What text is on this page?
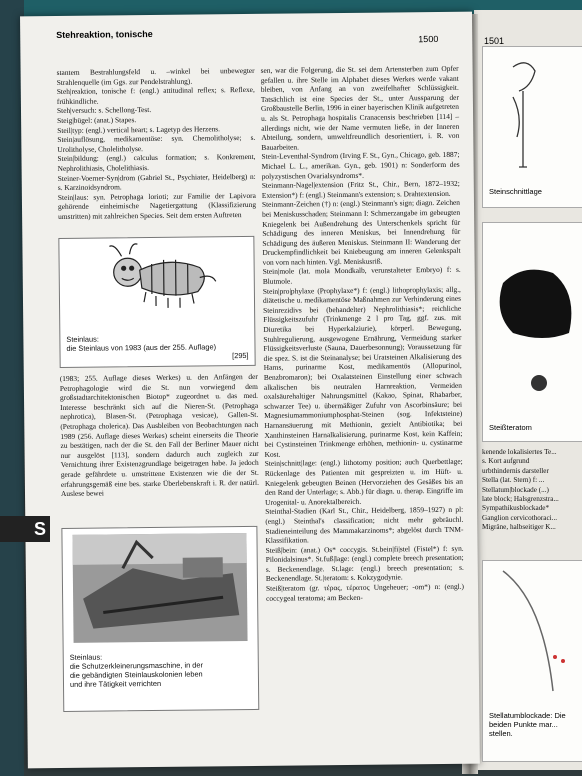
Stehreaktion, tonische	1500

stantem Bestrahlungsfeld u. –winkel bei unbewegter Strahlenquelle (im Ggs. zur Pendelstrahlung).

Steh|reaktion, tonische f: (engl.) attitudinal reflex; s. Reflexe, frühkindliche.

Steh|versuch: s. Schellong-Test.

Steig|bügel: (anat.) Stapes.

Steil|typ: (engl.) vertical heart; s. Lagetyp des Herzens.

Stein|auflösung, medikamentöse: syn. Chemolitholyse; s. Urolitholyse, Cholelitholyse.

Stein|bildung: (engl.) calculus formation; s. Konkrement, Nephrolithiasis, Cholelithiasis.

Steiner-Voerner-Syn|drom (Gabriel St., Psychiater, Heidelberg) n: s. Karzinoidsyndrom.

Stein|laus: syn. Petrophaga lorioti; zur Familie der Lapivora gehörende einheimische Nagetiergattung (Klassifizierung umstritten) mit zahlreichen Species. Seit dem ersten Auftreten

Steinlaus:
die Steinlaus von 1983 (aus der 255. Auflage)
[295]

(1983; 255. Auflage dieses Werkes) u. den Anfängen der Petrophagologie wird die St. nun vorwiegend dem großstadtarchitektonischen Biotop* zugeordnet u. das med. Interesse beschränkt sich auf die Nieren-St. (Petrophaga nephrotica), Blasen-St. (Petrophaga vesicae), Gallen-St. (Petrophaga cholerica). Das Ausbleiben von Beobachtungen nach 1989 (256. Auflage dieses Werkes) scheint einerseits die Theorie zu bestätigen, nach der die St. den Fall der Berliner Mauer nicht nur ausgelöst [113], sondern dadurch auch zugleich zur Vernichtung ihrer Existenzgrundlage beigetragen habe. Ja jedoch gerade gefährdete u. umstrittene Existenzen wie die der St. erfahrungsgemäß eine bes. starke Überlebenskraft i. R. der natürl. Auslese bewei

Steinlaus:
die Schutzerkleinerungsmaschine, in der
die gebändigten Steinlauskolonien leben
und ihre Tätigkeit verrichten

sen, war die Folgerung, die St. sei dem Artensterben zum Opfer gefallen u. ihre Stelle im Alphabet dieses Werkes werde vakant bleiben, von Anfang an von zweifelhafter Schlüssigkeit. Tatsächlich ist eine Species der St., unter Aussparung der Großbaustelle Berlin, 1996 in einer bayerischen Klinik aufgetreten u. als St. Petrophaga hospitalis Cranacensis beschrieben [114] – allerdings nicht, wie der Name vermuten ließe, in der Inneren Abteilung, sondern, umweltfreundlich desorientiert, i. R. von Bauarbeiten.

Stein-Leventhal-Syndrom (Irving F. St., Gyn., Chicago, geb. 1887; Michael L. L., amerikan. Gyn., geb. 1901) n: Sonderform des polyzystischen Ovarialsyndroms*.

Steinmann-Nagel|extension (Fritz St., Chir., Bern, 1872–1932; Extension*) f: (engl.) Steinmann's extension; s. Drahtextension.

Steinmann-Zeichen (†) n: (engl.) Steinmann's sign; diagn. Zeichen bei Meniskusschaden; Steinmann I: Schmerzangabe im gebeugten Kniegelenk bei Außendrehung des Unterschenkels spricht für Schädigung des inneren Meniskus, bei Innendrehung für Schädigung des äußeren Meniskus. Steinmann II: Wanderung der Druckempfindlichkeit bei Kniebeugung am inneren Gelenkspalt von vorn nach hinten. Vgl. Meniskusriß.

Stein|mole (lat. mola Mondkalb, verunstalteter Embryo) f: s. Blutmole.

Stein|pro|phylaxe (Prophylaxe*) f: (engl.) lithoprophylaxis; allg., diätetische u. medikamentöse Maßnahmen zur Verhinderung eines Steinrezidivs bei (behandelter) Nephrolithiasis*; reichliche Flüssigkeitszufuhr (Trinkmenge 2 l pro Tag, ggf. zus. mit Diuretika bei Hyperkalziurie), körperl. Bewegung, Stuhlregulierung, ausgewogene Ernährung, Vermeidung starker Flüssigkeitsverluste (Sauna, Dauerbesonnung); Voraussetzung für die spez. S. ist die Steinanalyse; bei Uratsteinen Alkalisierung des Harns, purinarme Kost, medikamentös (Allopurinol, Benzbromaron); bei Oxalatsteinen Einstellung einer schwach alkalischen bis neutralen Harnreaktion, Vermeiden oxalsäurehaltiger Nahrungsmittel (Kakao, Spinat, Rhabarber, schwarzer Tee) u. übermäßiger Zufuhr von Ascorbinsäure; bei Magnesiumammoniumphosphat-Steinen (sog. Infektsteine) Harnansäuerung mit Methionin, gezielt Antibiotika; bei Xanthinsteinen Harnalkalisierung, purinarme Kost, kein Kaffein; bei Cystinsteinen Trinkmenge erhöhen, methionin- u. cystinarme Kost.

Stein|schnitt|lage: (engl.) lithotomy position; auch Querbettlage; Rückenlage des Patienten mit gespreizten u. im Hüft- u. Kniegelenk gebeugten Beinen (Hervorziehen des Gesäßes bis an den Rand der Unterlage; s. Abb.) für diagn. u. therap. Eingriffe im Urogenital- u. Anorektalbereich.

Steinthal-Stadien (Karl St., Chir., Heidelberg, 1859–1927) n pl: (engl.) Steinthal's classification; nicht mehr gebräuchl. Stadieneinteilung des Mammakarzinoms*; abgelöst durch TNM-Klassifikation.

Steiß|bein: (anat.) Os* coccygis. St.bein|fi|stel (Fistel*) f: syn. Pilonidalsinus*. St.fuß|lage: (engl.) complete breech presentation; s. Beckenendlage. St.lage: (engl.) breech presentation; s. Beckenendlage. St.|teratom: s. Kokzygodynie.

Steiß|teratom (gr. τέρας, τέρατος Ungeheuer; -om*) n: (engl.) coccygeal teratoma; am Becken-

S
1501
Steinschnittlage
Steißteratom
kenende lokalisiertes Te...
s. Kort aufgrund
urbthindernis darsteller
Stella (lat. Stern) f: ...
Stellatum|blockade (...)
late block; Halsgrenzstra...
Sympathikusblockade*
Ganglion cervicothoraci...
Migräne, halbseitiger K...
Stellatumblockade: Die beiden Punkte mar... stellen.
